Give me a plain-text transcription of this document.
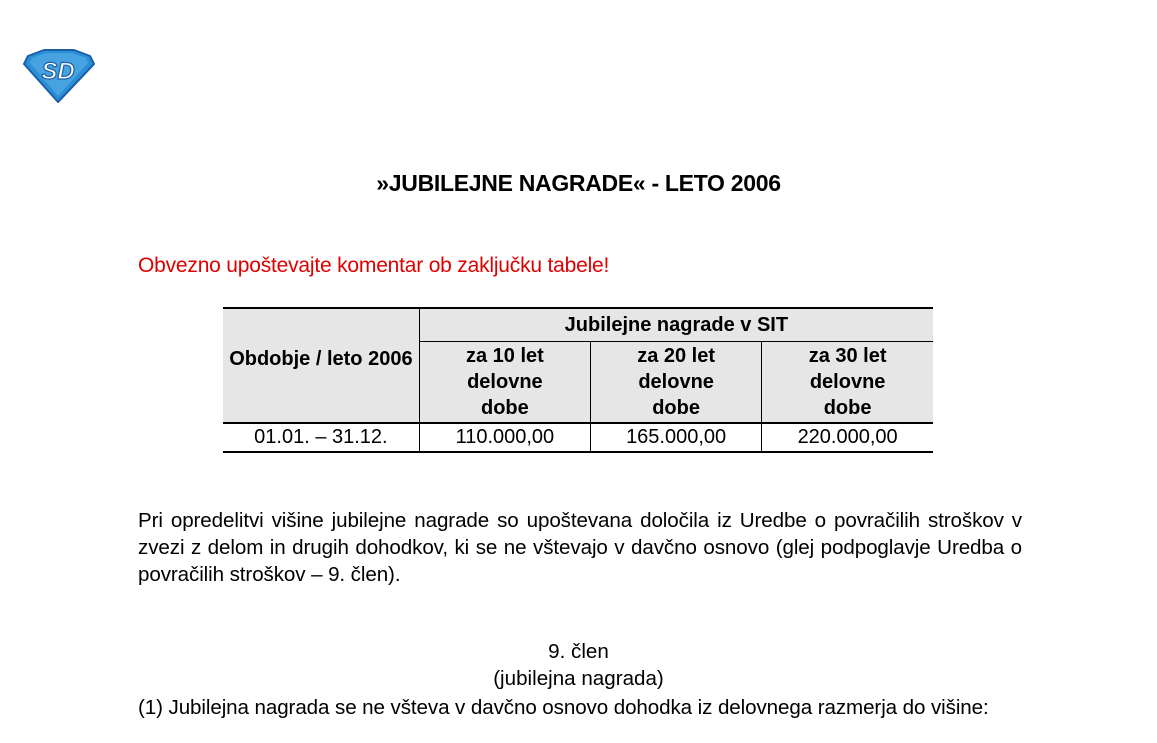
SD
»JUBILEJNE NAGRADE« - LETO 2006
Obvezno upoštevajte komentar ob zaključku tabele!
Obdobje / leto 2006	Jubilejne nagrade v SIT		
	za 10 let delovne dobe	za 20 let delovne dobe	za 30 let delovne dobe
01.01. – 31.12.	110.000,00	165.000,00	220.000,00
Pri opredelitvi višine jubilejne nagrade so upoštevana določila iz Uredbe o povračilih stroškov v zvezi z delom in drugih dohodkov, ki se ne vštevajo v davčno osnovo (glej podpoglavje Uredba o povračilih stroškov – 9. člen).
9. člen
(jubilejna nagrada)
(1) Jubilejna nagrada se ne všteva v davčno osnovo dohodka iz delovnega razmerja do višine:
